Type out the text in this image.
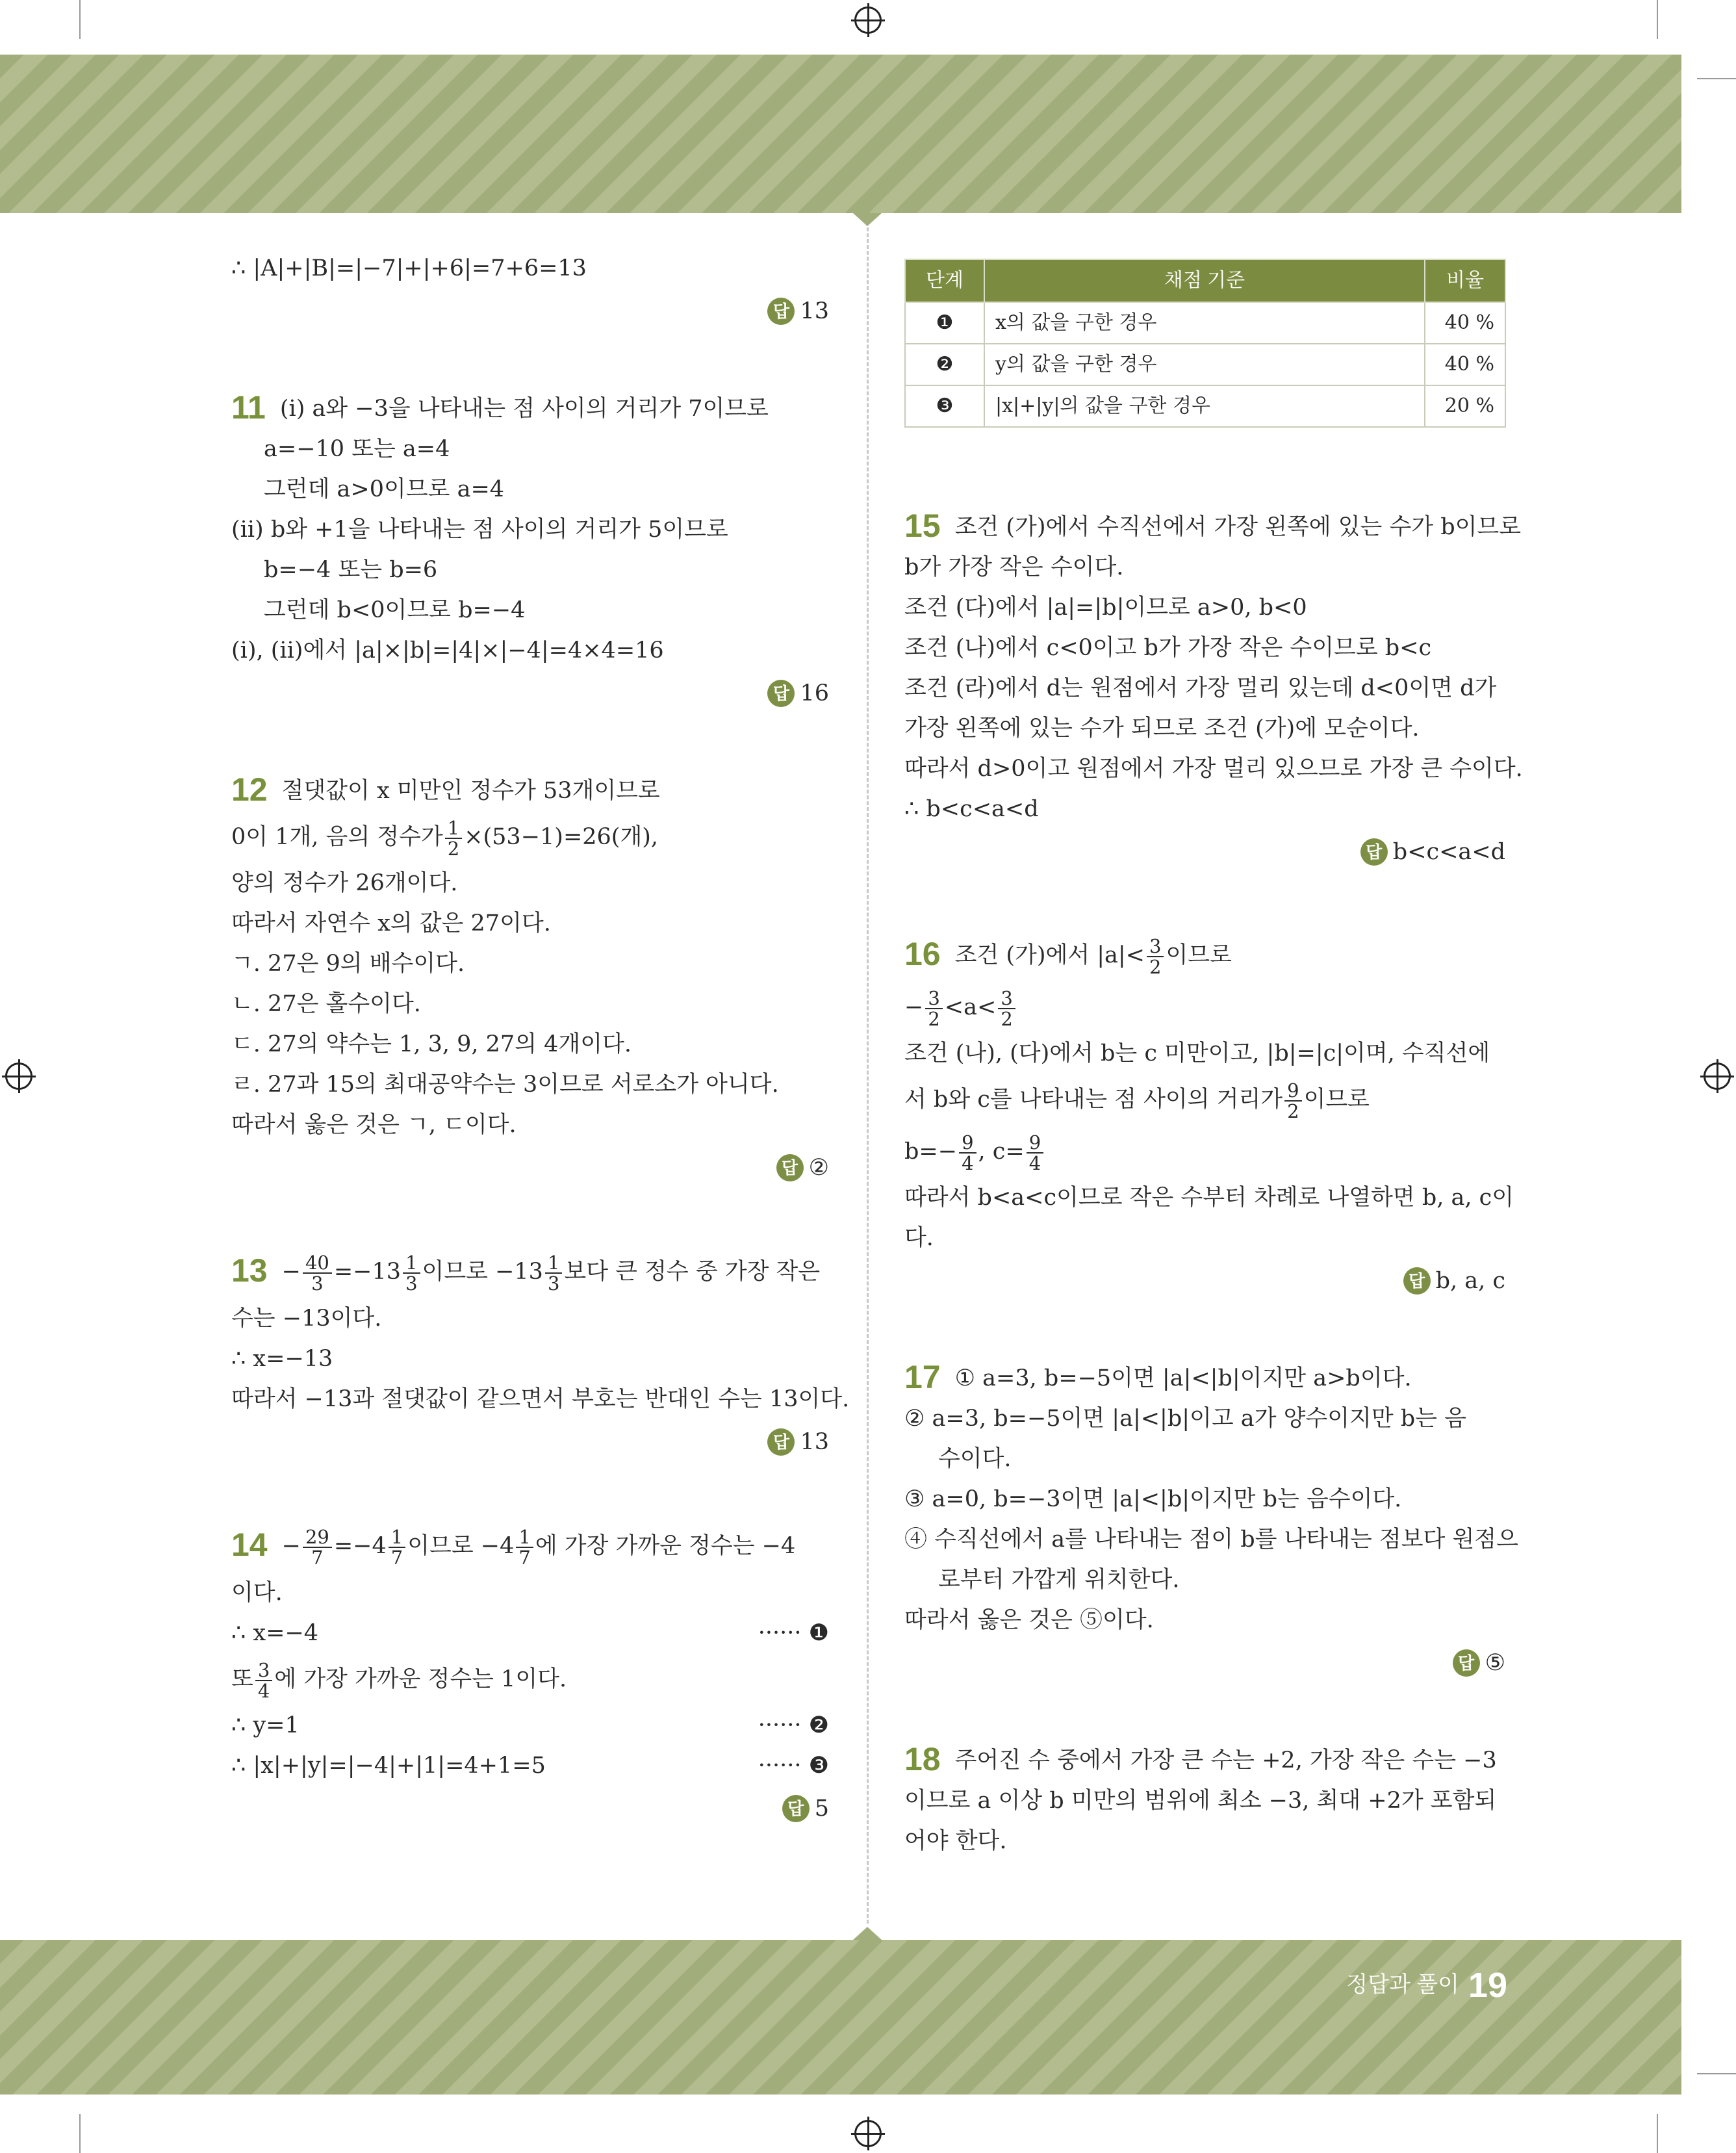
∴ |A|+|B|=|−7|+|+6|=7+6=13
답 13
11 (ⅰ) a와 −3을 나타내는 점 사이의 거리가 7이므로
a=−10 또는 a=4
그런데 a>0이므로 a=4
(ⅱ) b와 +1을 나타내는 점 사이의 거리가 5이므로
b=−4 또는 b=6
그런데 b<0이므로 b=−4
(ⅰ), (ⅱ)에서 |a|×|b|=|4|×|−4|=4×4=16
답 16
12 절댓값이 x 미만인 정수가 53개이므로
0이 1개, 음의 정수가 $\frac{1}{2} \times(53-1)=26$(개),
양의 정수가 26개이다.
따라서 자연수 x의 값은 27이다.
ㄱ. 27은 9의 배수이다.
ㄴ. 27은 홀수이다.
ㄷ. 27의 약수는 1, 3, 9, 27의 4개이다.
ㄹ. 27과 15의 최대공약수는 3이므로 서로소가 아니다.
따라서 옳은 것은 ㄱ, ㄷ이다.
답 ②
$13 - \frac{40}{3} =-13 \frac{1}{3}$ 이므로 $-13 \frac{1}{3}$ 보다 큰 정수 중 가장 작은
수는 −13이다.
∴ x=−13
따라서 −13과 절댓값이 같으면서 부호는 반대인 수는 13이다.
답 13
$14 - \frac{29}{7} =-4 \frac{1}{7}$ 이므로 $-4 \frac{1}{7}$ 에 가장 가까운 정수는 −4
이다.
∴ x=−4	······ ❶
또 $\frac{3}{4}$ 에 가장 가까운 정수는 1이다.
∴ y=1	······ ❷
∴ |x|+|y|=|−4|+|1|=4+1=5	······ ❸
답 5
단계	채점 기준	비율
❶	x의 값을 구한 경우	40 %
❷	y의 값을 구한 경우	40 %
❸	|x|+|y|의 값을 구한 경우	20 %
15 조건 (가)에서 수직선에서 가장 왼쪽에 있는 수가 b이므로
b가 가장 작은 수이다.
조건 (다)에서 |a|=|b|이므로 a>0, b<0
조건 (나)에서 c<0이고 b가 가장 작은 수이므로 b<c
조건 (라)에서 d는 원점에서 가장 멀리 있는데 d<0이면 d가
가장 왼쪽에 있는 수가 되므로 조건 (가)에 모순이다.
따라서 d>0이고 원점에서 가장 멀리 있으므로 가장 큰 수이다.
∴ b<c<a<d
답 b<c<a<d
16 조건 (가)에서 $|a|< \frac{3}{2}$ 이므로
− $\frac{3}{2} <a< \frac{3}{2}$
조건 (나), (다)에서 b는 c 미만이고, |b|=|c|이며, 수직선에
서 b와 c를 나타내는 점 사이의 거리가 $\frac{9}{2}$ 이므로
$b=- \frac{9}{4}$ , $c= \frac{9}{4}$
따라서 b<a<c이므로 작은 수부터 차례로 나열하면 b, a, c이
다.
답 b, a, c
17 ① a=3, b=−5이면 |a|<|b|이지만 a>b이다.
② a=3, b=−5이면 |a|<|b|이고 a가 양수이지만 b는 음
수이다.
③ a=0, b=−3이면 |a|<|b|이지만 b는 음수이다.
④ 수직선에서 a를 나타내는 점이 b를 나타내는 점보다 원점으
로부터 가깝게 위치한다.
따라서 옳은 것은 ⑤이다.
답 ⑤
18 주어진 수 중에서 가장 큰 수는 +2, 가장 작은 수는 −3
이므로 a 이상 b 미만의 범위에 최소 −3, 최대 +2가 포함되
어야 한다.
정답과 풀이 19
